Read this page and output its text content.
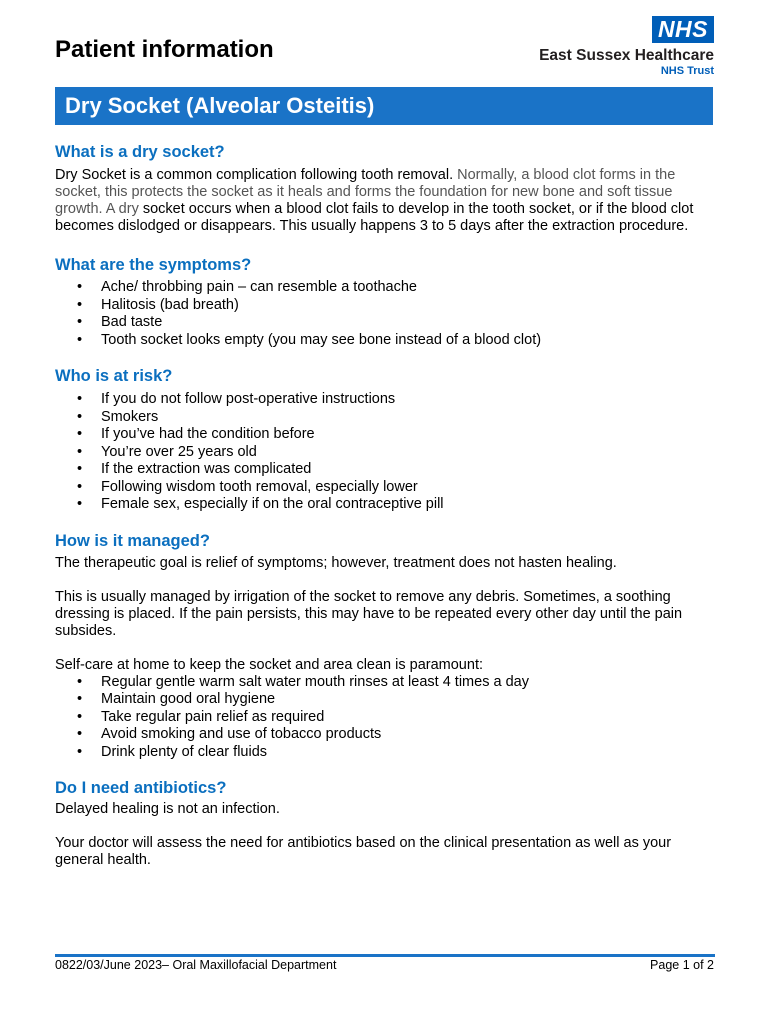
Patient information
NHS
East Sussex Healthcare
NHS Trust
Dry Socket (Alveolar Osteitis)
What is a dry socket?

Dry Socket is a common complication following tooth removal. Normally, a blood clot forms in the socket, this protects the socket as it heals and forms the foundation for new bone and soft tissue growth. A dry socket occurs when a blood clot fails to develop in the tooth socket, or if the blood clot becomes dislodged or disappears. This usually happens 3 to 5 days after the extraction procedure.

What are the symptoms?
• Ache/ throbbing pain – can resemble a toothache
• Halitosis (bad breath)
• Bad taste
• Tooth socket looks empty (you may see bone instead of a blood clot)
Who is at risk?
• If you do not follow post-operative instructions
• Smokers
• If you’ve had the condition before
• You’re over 25 years old
• If the extraction was complicated
• Following wisdom tooth removal, especially lower
• Female sex, especially if on the oral contraceptive pill
How is it managed?

The therapeutic goal is relief of symptoms; however, treatment does not hasten healing.

This is usually managed by irrigation of the socket to remove any debris. Sometimes, a soothing dressing is placed. If the pain persists, this may have to be repeated every other day until the pain subsides.

Self-care at home to keep the socket and area clean is paramount:

• Regular gentle warm salt water mouth rinses at least 4 times a day
• Maintain good oral hygiene
• Take regular pain relief as required
• Avoid smoking and use of tobacco products
• Drink plenty of clear fluids
Do I need antibiotics?

Delayed healing is not an infection.

Your doctor will assess the need for antibiotics based on the clinical presentation as well as your general health.

0822/03/June 2023– Oral Maxillofacial Department	Page 1 of 2
